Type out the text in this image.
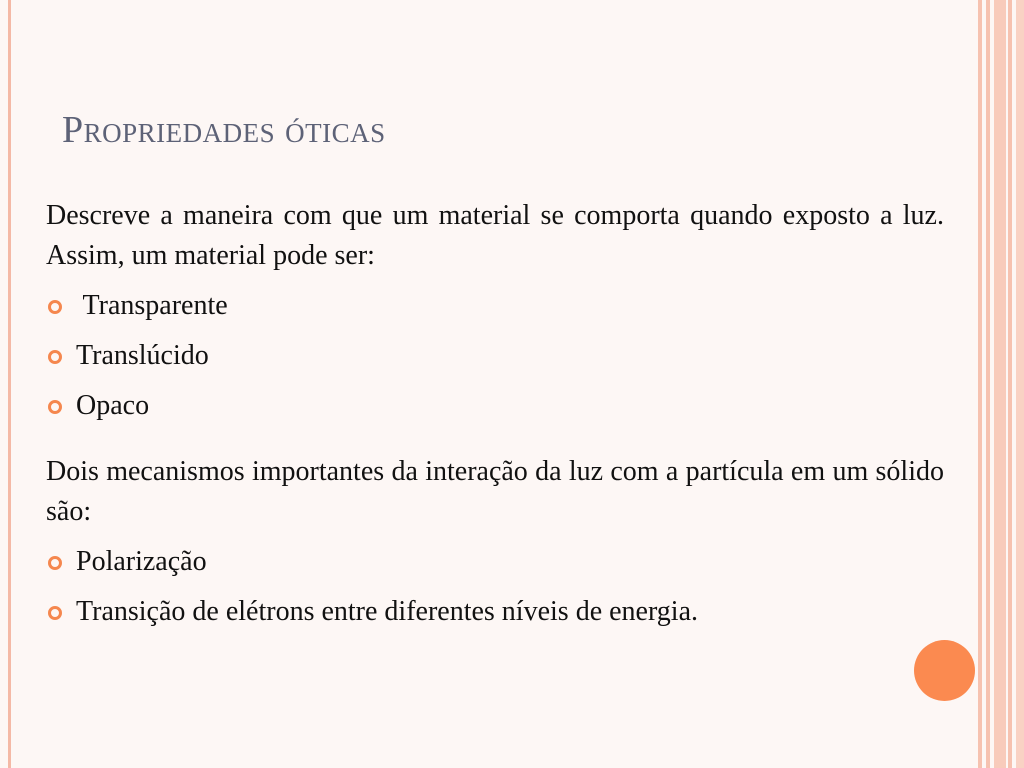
Propriedades óticas

Descreve a maneira com que um material se comporta quando exposto a luz. Assim, um material pode ser:

Transparente
Translúcido
Opaco

Dois mecanismos importantes da interação da luz com a partícula em um sólido são:

Polarização
Transição de elétrons entre diferentes níveis de energia.
